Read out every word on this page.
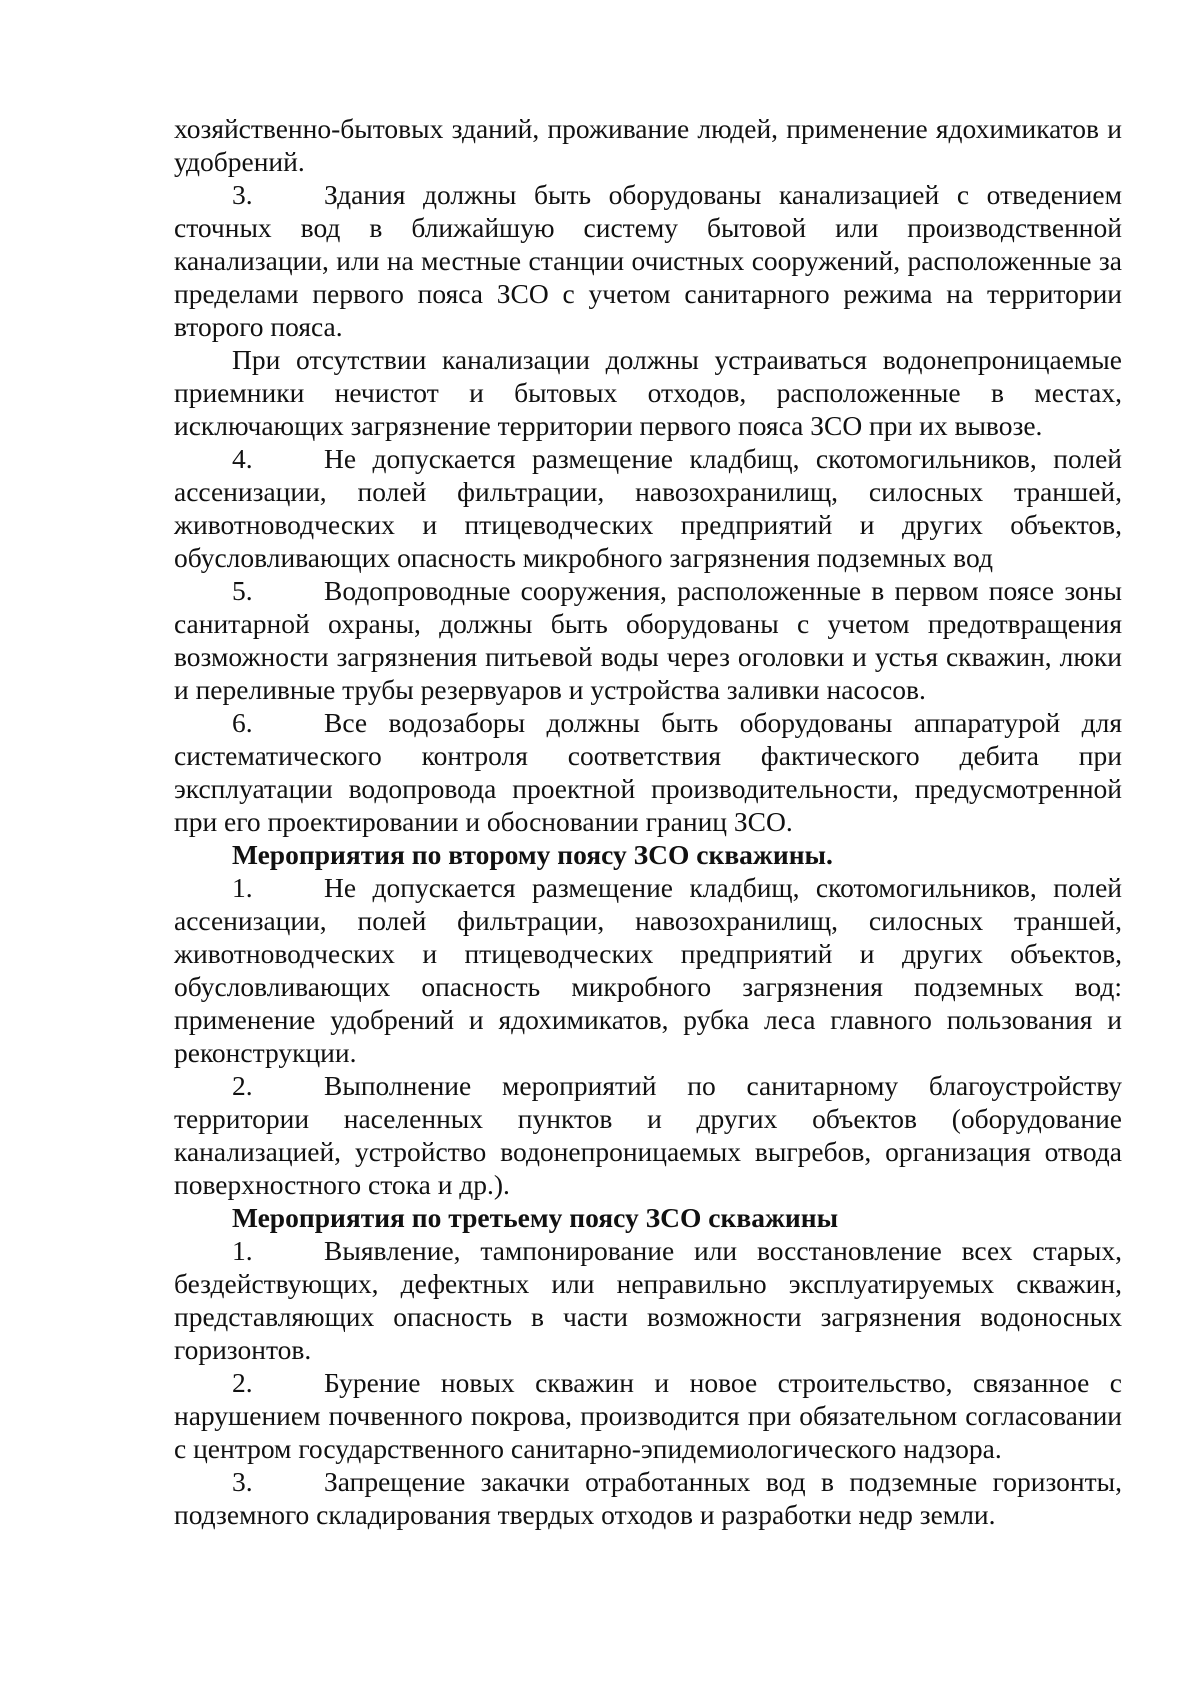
хозяйственно-бытовых зданий, проживание людей, применение ядохимикатов и удобрений.

3.	Здания должны быть оборудованы канализацией с отведением сточных вод в ближайшую систему бытовой или производственной канализации, или на местные станции очистных сооружений, расположенные за пределами первого пояса ЗСО с учетом санитарного режима на территории второго пояса.

При отсутствии канализации должны устраиваться водонепроницаемые приемники нечистот и бытовых отходов, расположенные в местах, исключающих загрязнение территории первого пояса ЗСО при их вывозе.

4.	Не допускается размещение кладбищ, скотомогильников, полей ассенизации, полей фильтрации, навозохранилищ, силосных траншей, животноводческих и птицеводческих предприятий и других объектов, обусловливающих опасность микробного загрязнения подземных вод

5.	Водопроводные сооружения, расположенные в первом поясе зоны санитарной охраны, должны быть оборудованы с учетом предотвращения возможности загрязнения питьевой воды через оголовки и устья скважин, люки и переливные трубы резервуаров и устройства заливки насосов.

6.	Все водозаборы должны быть оборудованы аппаратурой для систематического контроля соответствия фактического дебита при эксплуатации водопровода проектной производительности, предусмотренной при его проектировании и обосновании границ ЗСО.

Мероприятия по второму поясу ЗСО скважины.

1.	Не допускается размещение кладбищ, скотомогильников, полей ассенизации, полей фильтрации, навозохранилищ, силосных траншей, животноводческих и птицеводческих предприятий и других объектов, обусловливающих опасность микробного загрязнения подземных вод: применение удобрений и ядохимикатов, рубка леса главного пользования и реконструкции.

2.	Выполнение мероприятий по санитарному благоустройству территории населенных пунктов и других объектов (оборудование канализацией, устройство водонепроницаемых выгребов, организация отвода поверхностного стока и др.).

Мероприятия по третьему поясу ЗСО скважины

1.	Выявление, тампонирование или восстановление всех старых, бездействующих, дефектных или неправильно эксплуатируемых скважин, представляющих опасность в части возможности загрязнения водоносных горизонтов.

2.	Бурение новых скважин и новое строительство, связанное с нарушением почвенного покрова, производится при обязательном согласовании с центром государственного санитарно-эпидемиологического надзора.

3.	Запрещение закачки отработанных вод в подземные горизонты, подземного складирования твердых отходов и разработки недр земли.
